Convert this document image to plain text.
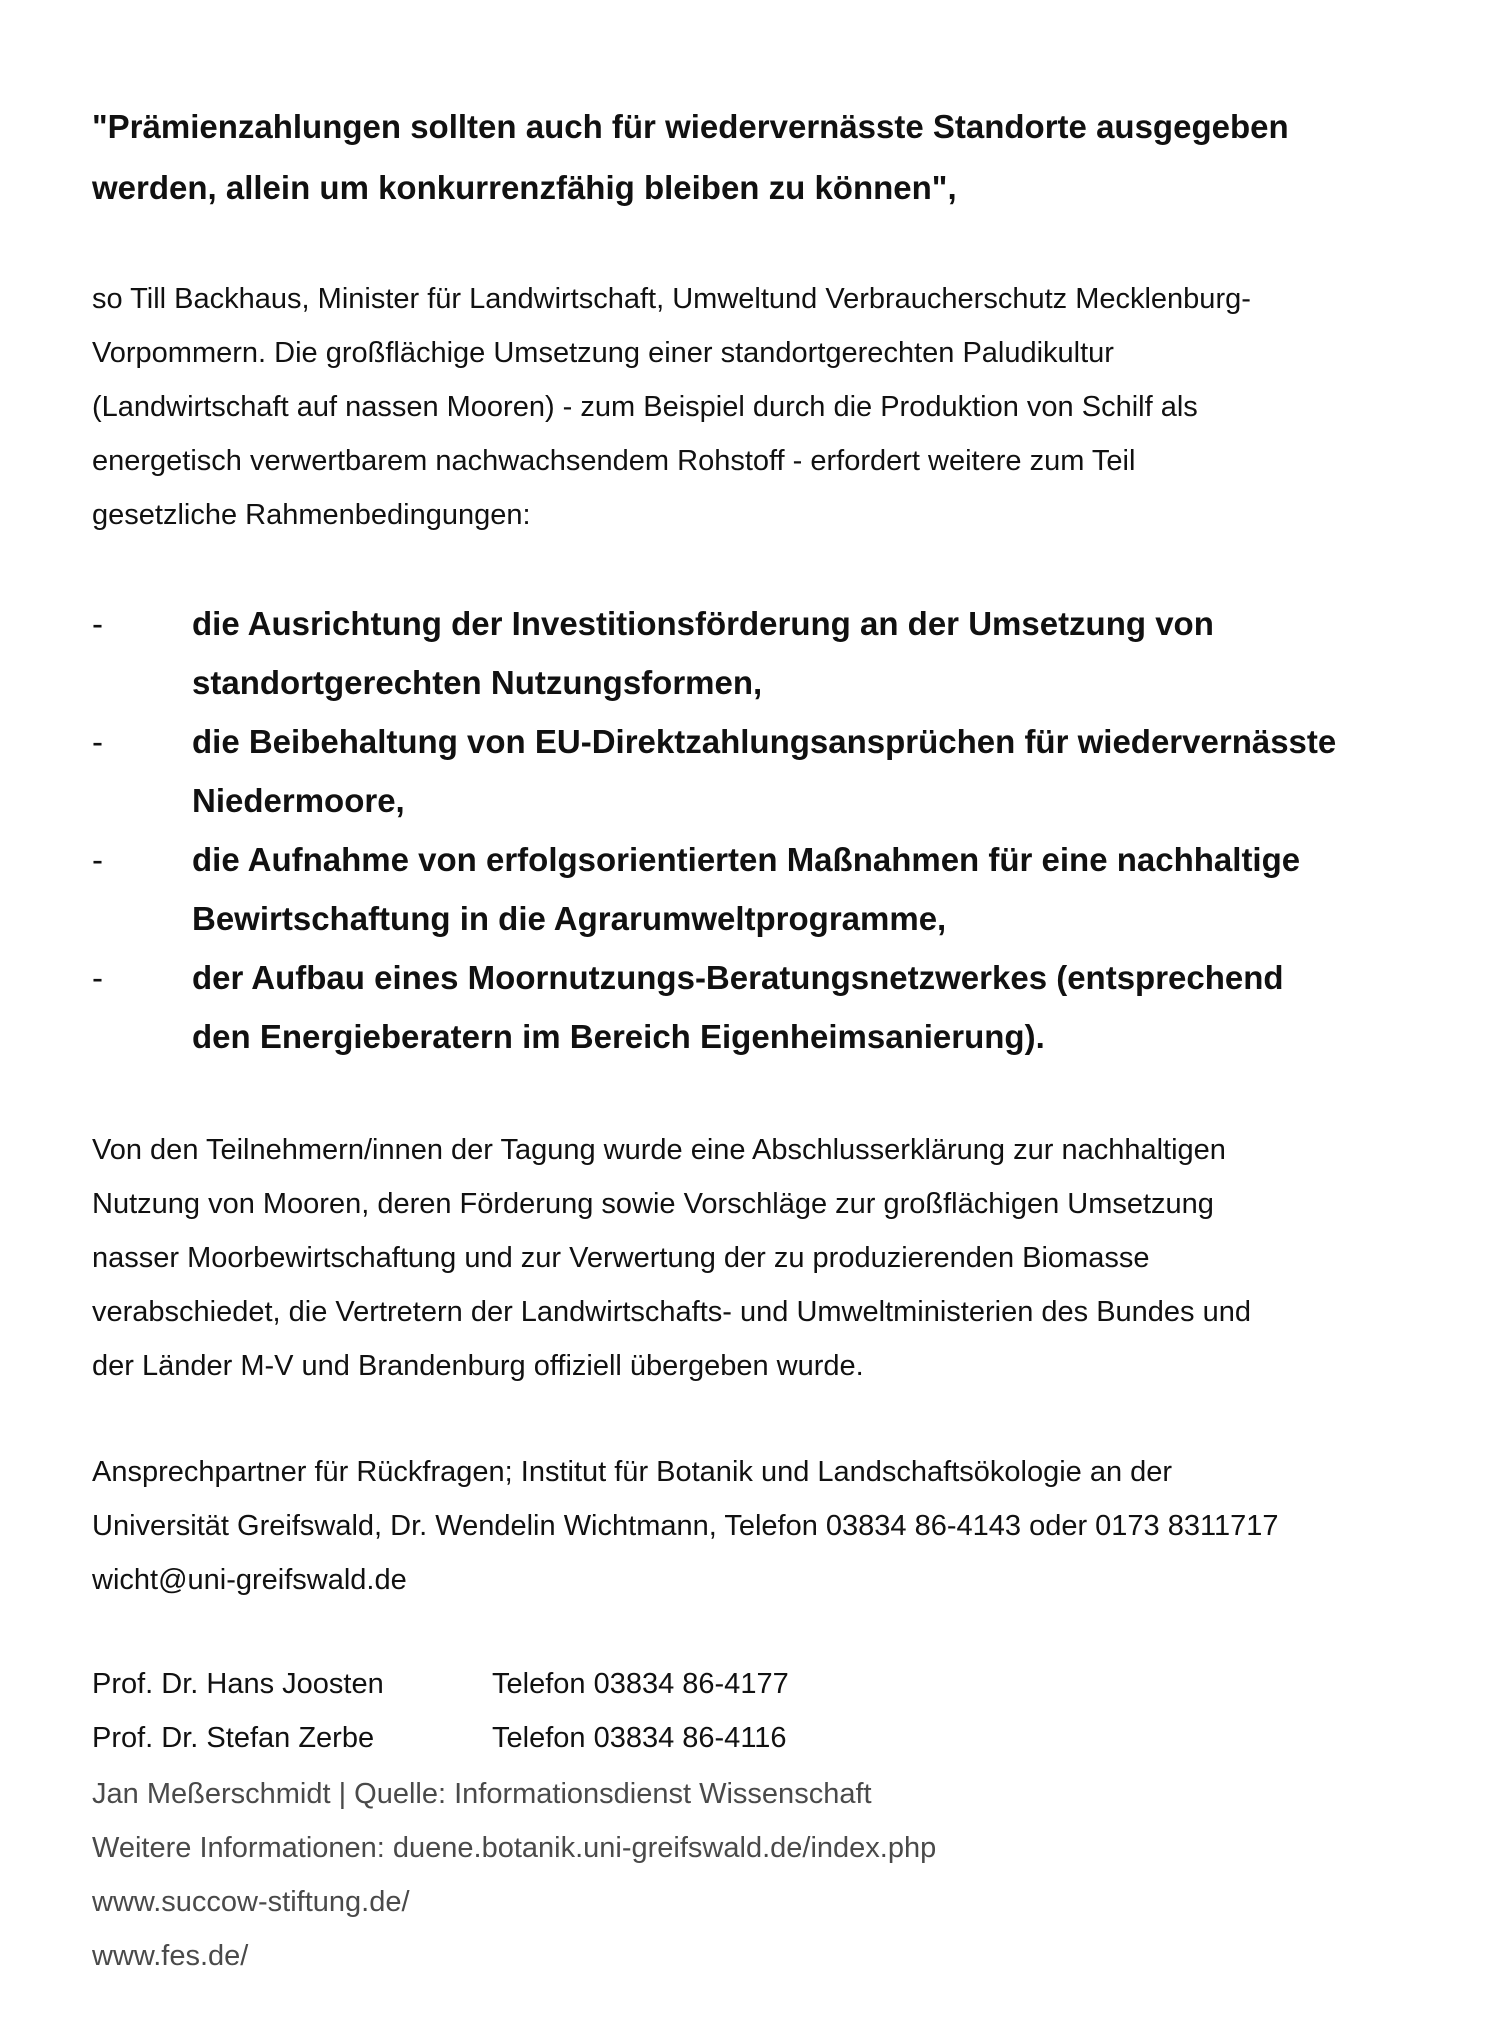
"Prämienzahlungen sollten auch für wiedervernässte Standorte ausgegeben
werden, allein um konkurrenzfähig bleiben zu können",

so Till Backhaus, Minister für Landwirtschaft, Umweltund Verbraucherschutz Mecklenburg-
Vorpommern. Die großflächige Umsetzung einer standortgerechten Paludikultur
(Landwirtschaft auf nassen Mooren) - zum Beispiel durch die Produktion von Schilf als
energetisch verwertbarem nachwachsendem Rohstoff - erfordert weitere zum Teil
gesetzliche Rahmenbedingungen:

-	die Ausrichtung der Investitionsförderung an der Umsetzung von
standortgerechten Nutzungsformen,
-	die Beibehaltung von EU-Direktzahlungsansprüchen für wiedervernässte
Niedermoore,
-	die Aufnahme von erfolgsorientierten Maßnahmen für eine nachhaltige
Bewirtschaftung in die Agrarumweltprogramme,
-	der Aufbau eines Moornutzungs-Beratungsnetzwerkes (entsprechend
den Energieberatern im Bereich Eigenheimsanierung).

Von den Teilnehmern/innen der Tagung wurde eine Abschlusserklärung zur nachhaltigen
Nutzung von Mooren, deren Förderung sowie Vorschläge zur großflächigen Umsetzung
nasser Moorbewirtschaftung und zur Verwertung der zu produzierenden Biomasse
verabschiedet, die Vertretern der Landwirtschafts- und Umweltministerien des Bundes und
der Länder M-V und Brandenburg offiziell übergeben wurde.

Ansprechpartner für Rückfragen; Institut für Botanik und Landschaftsökologie an der
Universität Greifswald, Dr. Wendelin Wichtmann, Telefon 03834 86-4143 oder 0173 8311717
wicht@uni-greifswald.de

Prof. Dr. Hans Joosten	Telefon 03834 86-4177
Prof. Dr. Stefan Zerbe	Telefon 03834 86-4116
Jan Meßerschmidt | Quelle: Informationsdienst Wissenschaft
Weitere Informationen: duene.botanik.uni-greifswald.de/index.php
www.succow-stiftung.de/
www.fes.de/
